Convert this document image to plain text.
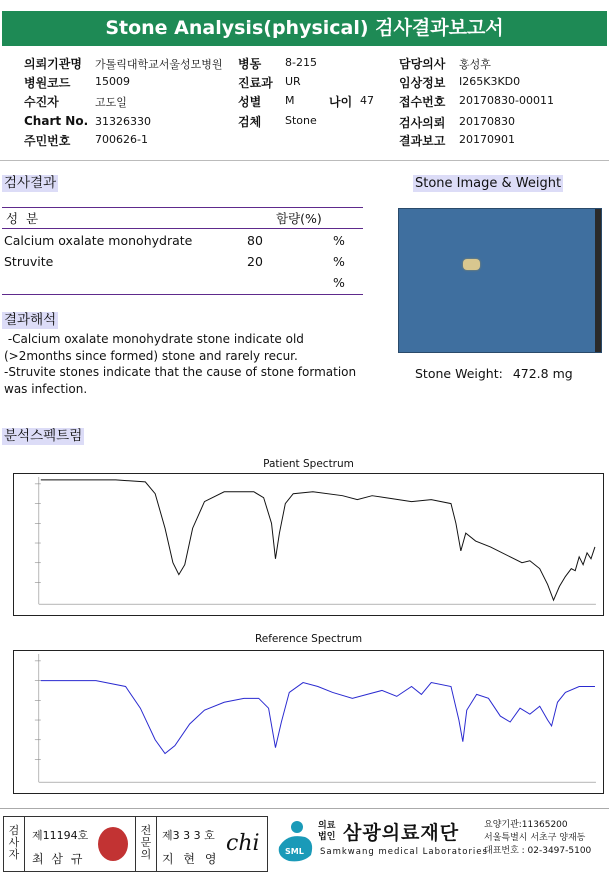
Stone Analysis(physical) 검사결과보고서
의뢰기관명 가톨릭대학교서울성모병원 병동 8-215	담당의사 홍성후
병원코드 15009	진료과 UR	임상정보 I265K3KD0
수진자	고도일	성별 M	나이 47 접수번호 20170830-00011
Chart No. 31326330	검체 Stone	검사의뢰 20170830
주민번호 700626-1	결과보고 20170901
검사결과	Stone Image & Weight
성 분	함량(%)
Calcium oxalate monohydrate	80	%
Struvite	20	%
%
Stone Weight: 472.8 mg
결과해석
-Calcium oxalate monohydrate stone indicate old
(>2months since formed) stone and rarely recur.
-Struvite stones indicate that the cause of stone formation
was infection.
분석스펙트럼
Patient Spectrum
Reference Spectrum
검사자
제11194호
최 삼 규
전문의
제3 3 3 호
지 현 영
chi	SML
의료
법인 삼광의료재단
Samkwang medical Laboratories
요양기관:11365200
서울특별시 서초구 양재동
대표번호 : 02-3497-5100
